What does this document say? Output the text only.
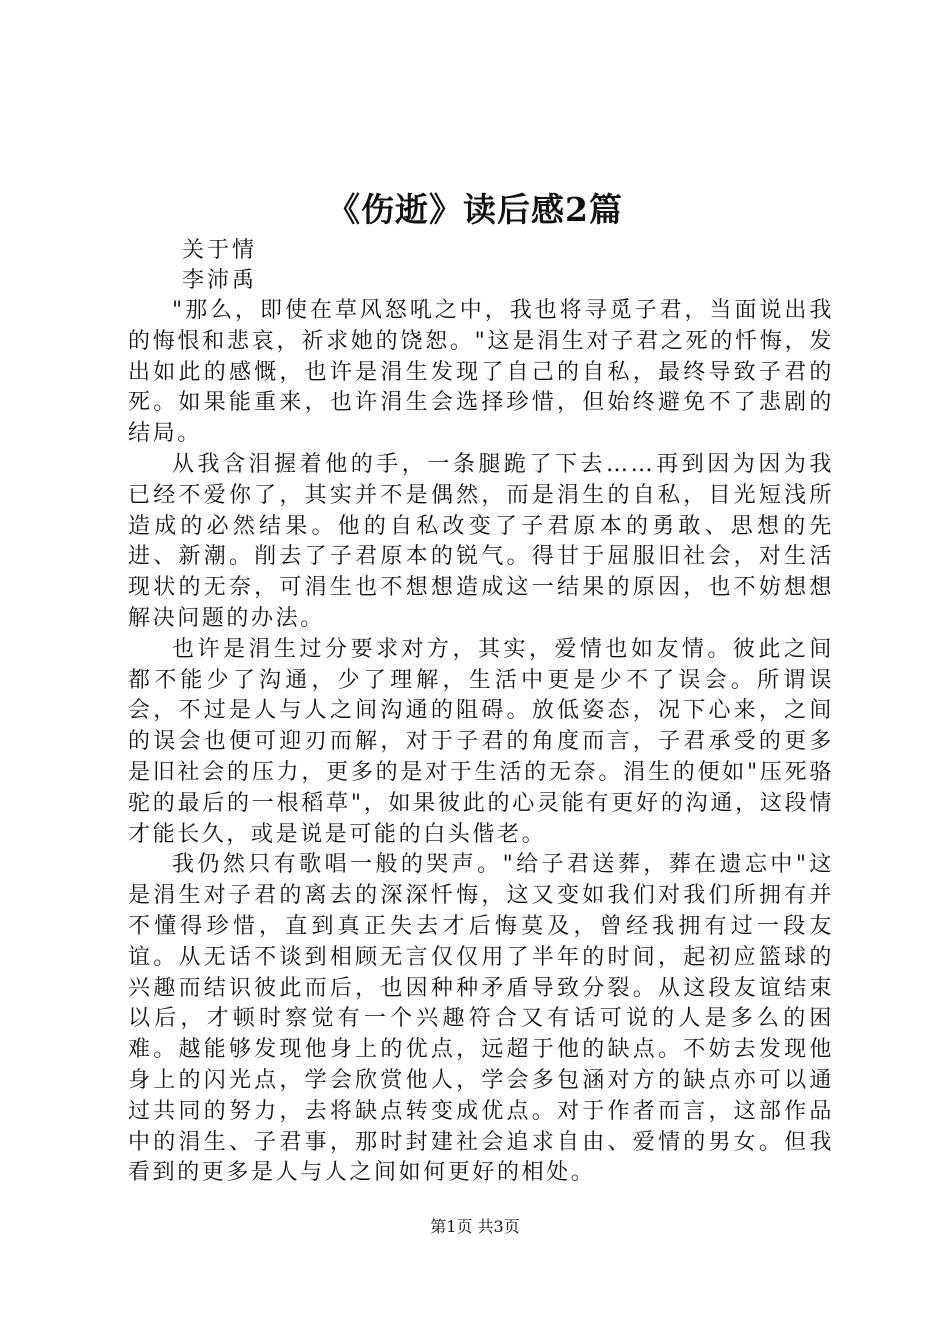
《伤逝》读后感2篇
关于情
李沛禹

"那么，即使在草风怒吼之中，我也将寻觅子君，当面说出我的悔恨和悲哀，祈求她的饶恕。"这是涓生对子君之死的忏悔，发出如此的感慨，也许是涓生发现了自己的自私，最终导致子君的死。如果能重来，也许涓生会选择珍惜，但始终避免不了悲剧的结局。

从我含泪握着他的手，一条腿跪了下去……再到因为因为我已经不爱你了，其实并不是偶然，而是涓生的自私，目光短浅所造成的必然结果。他的自私改变了子君原本的勇敢、思想的先进、新潮。削去了子君原本的锐气。得甘于屈服旧社会，对生活现状的无奈，可涓生也不想想造成这一结果的原因，也不妨想想解决问题的办法。

也许是涓生过分要求对方，其实，爱情也如友情。彼此之间都不能少了沟通，少了理解，生活中更是少不了误会。所谓误会，不过是人与人之间沟通的阻碍。放低姿态，况下心来，之间的误会也便可迎刃而解，对于子君的角度而言，子君承受的更多是旧社会的压力，更多的是对于生活的无奈。涓生的便如"压死骆驼的最后的一根稻草"，如果彼此的心灵能有更好的沟通，这段情才能长久，或是说是可能的白头偕老。

我仍然只有歌唱一般的哭声。"给子君送葬，葬在遗忘中"这是涓生对子君的离去的深深忏悔，这又变如我们对我们所拥有并不懂得珍惜，直到真正失去才后悔莫及，曾经我拥有过一段友谊。从无话不谈到相顾无言仅仅用了半年的时间，起初应篮球的兴趣而结识彼此而后，也因种种矛盾导致分裂。从这段友谊结束以后，才顿时察觉有一个兴趣符合又有话可说的人是多么的困难。越能够发现他身上的优点，远超于他的缺点。不妨去发现他身上的闪光点，学会欣赏他人，学会多包涵对方的缺点亦可以通过共同的努力，去将缺点转变成优点。对于作者而言，这部作品中的涓生、子君事，那时封建社会追求自由、爱情的男女。但我看到的更多是人与人之间如何更好的相处。

第1页 共3页
